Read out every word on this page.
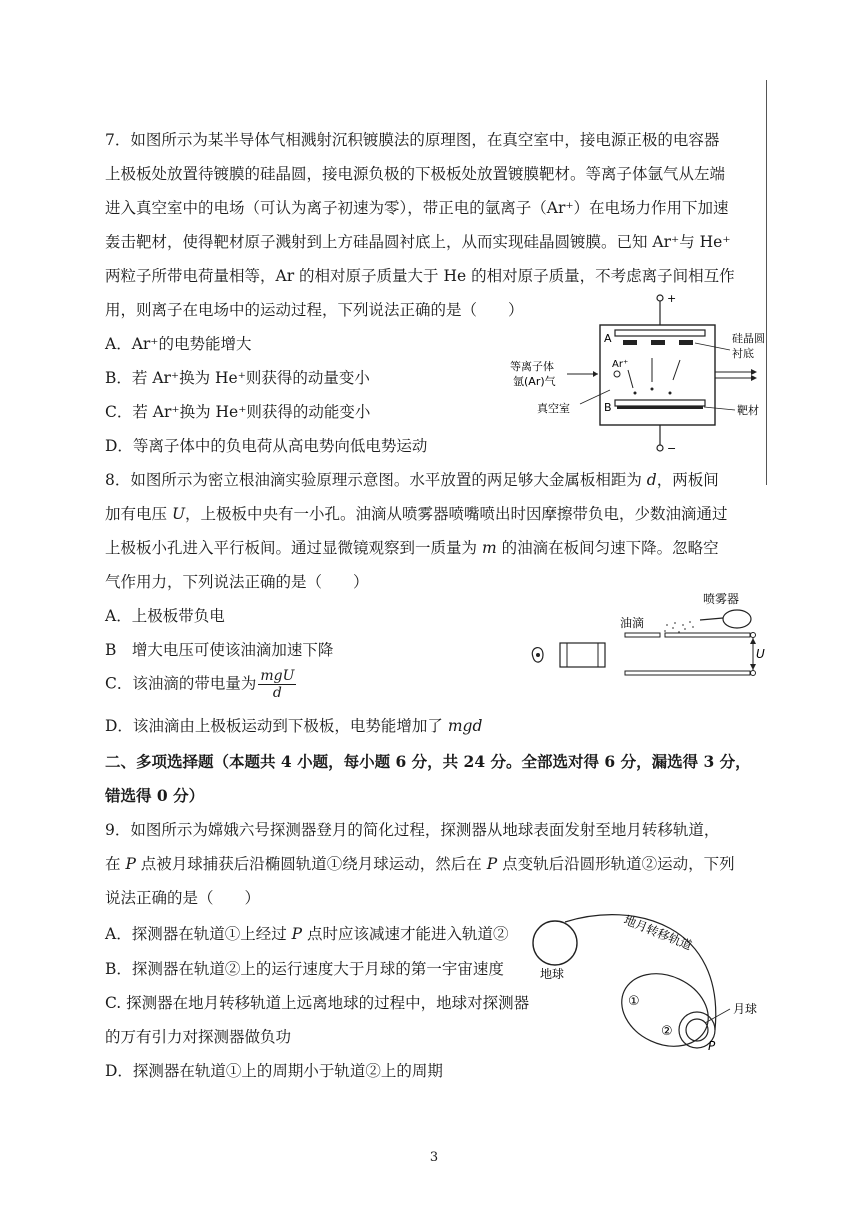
7．如图所示为某半导体气相溅射沉积镀膜法的原理图，在真空室中，接电源正极的电容器
上极板处放置待镀膜的硅晶圆，接电源负极的下极板处放置镀膜靶材。等离子体氩气从左端
进入真空室中的电场（可认为离子初速为零），带正电的氩离子（Ar⁺）在电场力作用下加速
轰击靶材，使得靶材原子溅射到上方硅晶圆衬底上，从而实现硅晶圆镀膜。已知 Ar⁺与 He⁺
两粒子所带电荷量相等，Ar 的相对原子质量大于 He 的相对原子质量，不考虑离子间相互作
用，则离子在电场中的运动过程，下列说法正确的是（　　）
A．Ar⁺的电势能增大
B．若 Ar⁺换为 He⁺则获得的动量变小
C．若 Ar⁺换为 He⁺则获得的动能变小
D．等离子体中的负电荷从高电势向低电势运动
+
A
Ar⁺
B
−
等离子体
氩(Ar)气
真空室
硅晶圆
衬底
靶材
8．如图所示为密立根油滴实验原理示意图。水平放置的两足够大金属板相距为 d，两板间
加有电压 U，上极板中央有一小孔。油滴从喷雾器喷嘴喷出时因摩擦带负电，少数油滴通过
上极板小孔进入平行板间。通过显微镜观察到一质量为 m 的油滴在板间匀速下降。忽略空
气作用力，下列说法正确的是（　　）
A．上极板带负电
B　增大电压可使该油滴加速下降
C．该油滴的带电量为 $\frac{\text{mgU}}{d}$
D．该油滴由上极板运动到下极板，电势能增加了 mgd
喷雾器
油滴
U
二、多项选择题（本题共 4 小题，每小题 6 分，共 24 分。全部选对得 6 分，漏选得 3 分，
错选得 0 分）
9．如图所示为嫦娥六号探测器登月的简化过程，探测器从地球表面发射至地月转移轨道，
在 P 点被月球捕获后沿椭圆轨道①绕月球运动，然后在 P 点变轨后沿圆形轨道②运动，下列
说法正确的是（　　）
A．探测器在轨道①上经过 P 点时应该减速才能进入轨道②
B．探测器在轨道②上的运行速度大于月球的第一宇宙速度
C. 探测器在地月转移轨道上远离地球的过程中，地球对探测器
的万有引力对探测器做负功
D．探测器在轨道①上的周期小于轨道②上的周期
地球
地月转移轨道
①
②
月球
P
3
